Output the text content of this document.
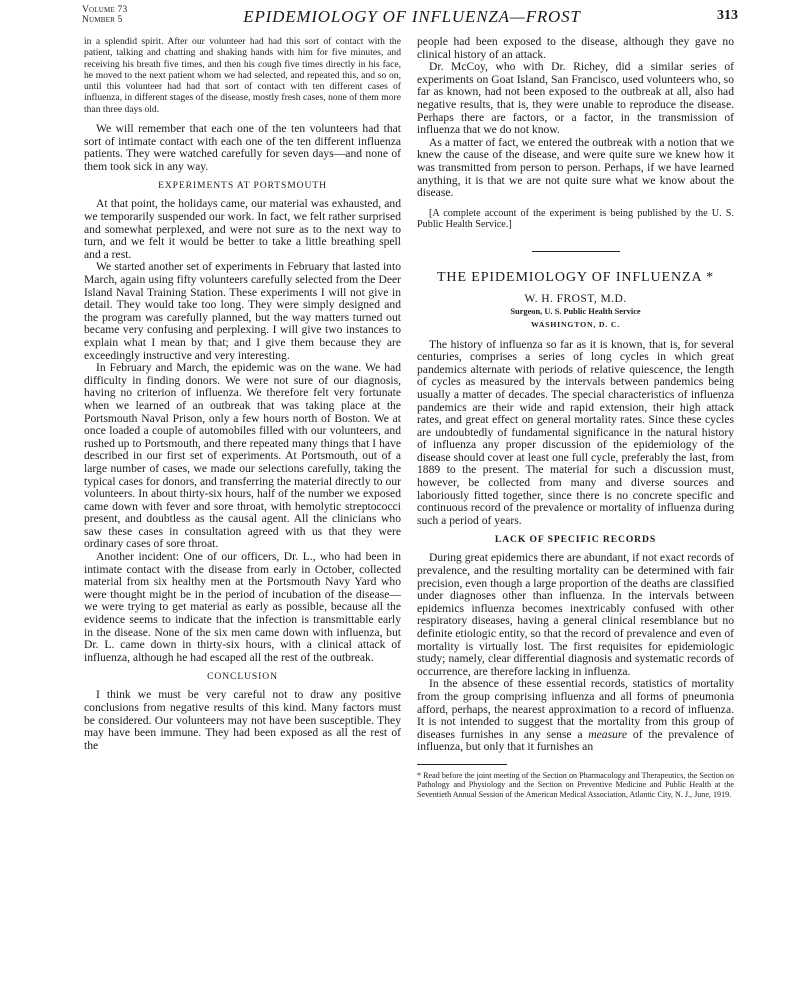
Volume 73
Number 5	EPIDEMIOLOGY OF INFLUENZA—FROST	313

in a splendid spirit. After our volunteer had had this sort of contact with the patient, talking and chatting and shaking hands with him for five minutes, and receiving his breath five times, and then his cough five times directly in his face, he moved to the next patient whom we had selected, and repeated this, and so on, until this volunteer had had that sort of contact with ten different cases of influenza, in different stages of the disease, mostly fresh cases, none of them more than three days old.

We will remember that each one of the ten volunteers had that sort of intimate contact with each one of the ten different influenza patients. They were watched carefully for seven days—and none of them took sick in any way.

EXPERIMENTS AT PORTSMOUTH

At that point, the holidays came, our material was exhausted, and we temporarily suspended our work. In fact, we felt rather surprised and somewhat perplexed, and were not sure as to the next way to turn, and we felt it would be better to take a little breathing spell and a rest.

We started another set of experiments in February that lasted into March, again using fifty volunteers carefully selected from the Deer Island Naval Training Station. These experiments I will not give in detail. They would take too long. They were simply designed and the program was carefully planned, but the way matters turned out became very confusing and perplexing. I will give two instances to explain what I mean by that; and I give them because they are exceedingly instructive and very interesting.

In February and March, the epidemic was on the wane. We had difficulty in finding donors. We were not sure of our diagnosis, having no criterion of influenza. We therefore felt very fortunate when we learned of an outbreak that was taking place at the Portsmouth Naval Prison, only a few hours north of Boston. We at once loaded a couple of automobiles filled with our volunteers, and rushed up to Portsmouth, and there repeated many things that I have described in our first set of experiments. At Portsmouth, out of a large number of cases, we made our selections carefully, taking the typical cases for donors, and transferring the material directly to our volunteers. In about thirty-six hours, half of the number we exposed came down with fever and sore throat, with hemolytic streptococci present, and doubtless as the causal agent. All the clinicians who saw these cases in consultation agreed with us that they were ordinary cases of sore throat.

Another incident: One of our officers, Dr. L., who had been in intimate contact with the disease from early in October, collected material from six healthy men at the Portsmouth Navy Yard who were thought might be in the period of incubation of the disease—we were trying to get material as early as possible, because all the evidence seems to indicate that the infection is transmittable early in the disease. None of the six men came down with influenza, but Dr. L. came down in thirty-six hours, with a clinical attack of influenza, although he had escaped all the rest of the outbreak.

CONCLUSION

I think we must be very careful not to draw any positive conclusions from negative results of this kind. Many factors must be considered. Our volunteers may not have been susceptible. They may have been immune. They had been exposed as all the rest of the

people had been exposed to the disease, although they gave no clinical history of an attack.

Dr. McCoy, who with Dr. Richey, did a similar series of experiments on Goat Island, San Francisco, used volunteers who, so far as known, had not been exposed to the outbreak at all, also had negative results, that is, they were unable to reproduce the disease. Perhaps there are factors, or a factor, in the transmission of influenza that we do not know.

As a matter of fact, we entered the outbreak with a notion that we knew the cause of the disease, and were quite sure we knew how it was transmitted from person to person. Perhaps, if we have learned anything, it is that we are not quite sure what we know about the disease.

[A complete account of the experiment is being published by the U. S. Public Health Service.]

THE EPIDEMIOLOGY OF INFLUENZA *
W. H. FROST, M.D.
Surgeon, U. S. Public Health Service
WASHINGTON, D. C.

The history of influenza so far as it is known, that is, for several centuries, comprises a series of long cycles in which great pandemics alternate with periods of relative quiescence, the length of cycles as measured by the intervals between pandemics being usually a matter of decades. The special characteristics of influenza pandemics are their wide and rapid extension, their high attack rates, and great effect on general mortality rates. Since these cycles are undoubtedly of fundamental significance in the natural history of influenza any proper discussion of the epidemiology of the disease should cover at least one full cycle, preferably the last, from 1889 to the present. The material for such a discussion must, however, be collected from many and diverse sources and laboriously fitted together, since there is no concrete specific and continuous record of the prevalence or mortality of influenza during such a period of years.

LACK OF SPECIFIC RECORDS

During great epidemics there are abundant, if not exact records of prevalence, and the resulting mortality can be determined with fair precision, even though a large proportion of the deaths are classified under diagnoses other than influenza. In the intervals between epidemics influenza becomes inextricably confused with other respiratory diseases, having a general clinical resemblance but no definite etiologic entity, so that the record of prevalence and even of mortality is virtually lost. The first requisites for epidemiologic study; namely, clear differential diagnosis and systematic records of occurrence, are therefore lacking in influenza.

In the absence of these essential records, statistics of mortality from the group comprising influenza and all forms of pneumonia afford, perhaps, the nearest approximation to a record of influenza. It is not intended to suggest that the mortality from this group of diseases furnishes in any sense a measure of the prevalence of influenza, but only that it furnishes an

* Read before the joint meeting of the Section on Pharmacology and Therapeutics, the Section on Pathology and Physiology and the Section on Preventive Medicine and Public Health at the Seventieth Annual Session of the American Medical Association, Atlantic City, N. J., June, 1919.
